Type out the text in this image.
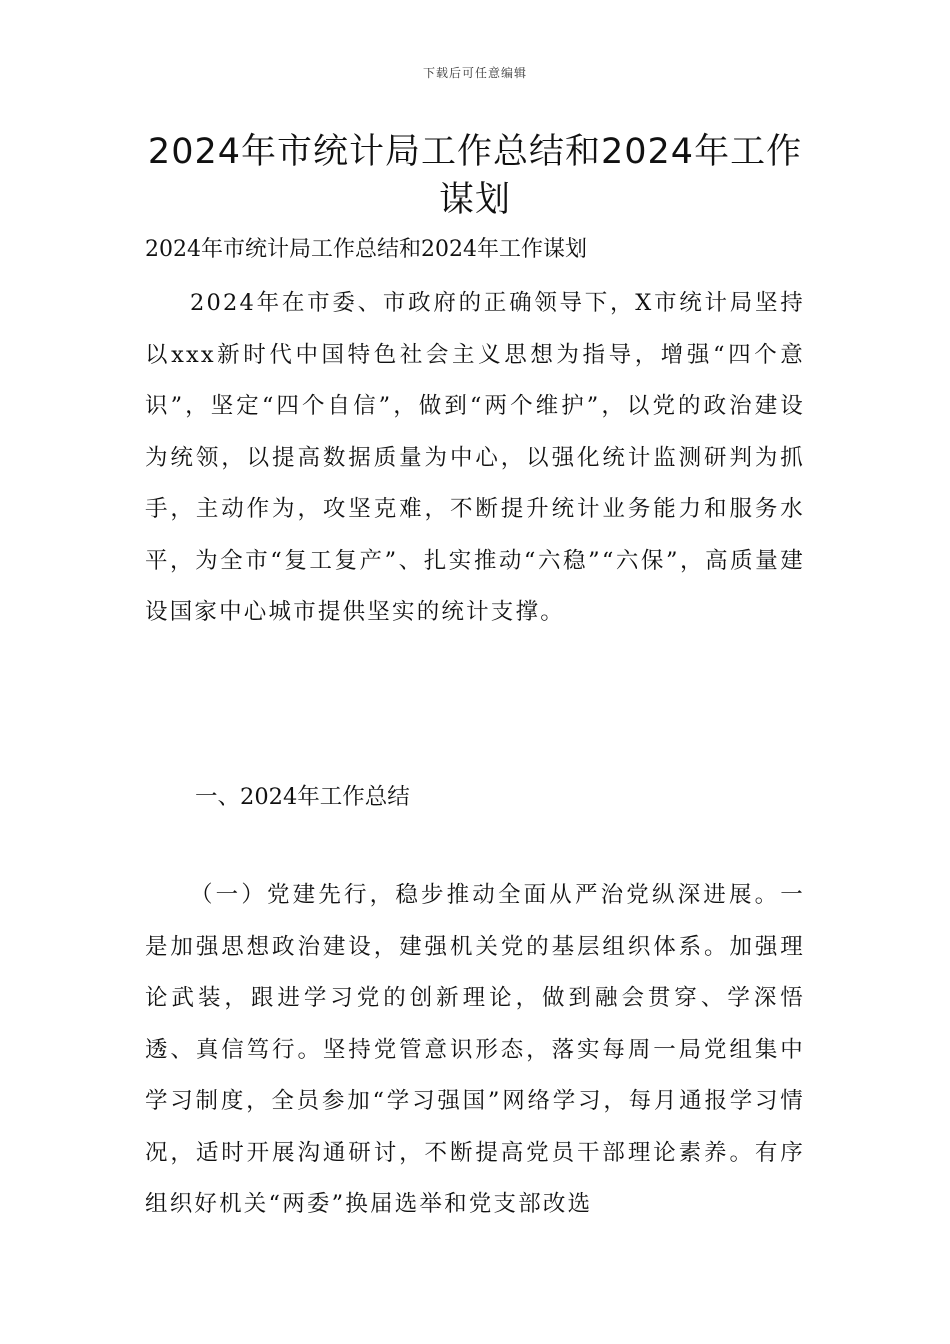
下载后可任意编辑
2024年市统计局工作总结和2024年工作谋划

2024年市统计局工作总结和2024年工作谋划

2024年在市委、市政府的正确领导下，X市统计局坚持以xxx新时代中国特色社会主义思想为指导，增强“四个意识”，坚定“四个自信”，做到“两个维护”，以党的政治建设为统领，以提高数据质量为中心，以强化统计监测研判为抓手，主动作为，攻坚克难，不断提升统计业务能力和服务水平，为全市“复工复产”、扎实推动“六稳”“六保”，高质量建设国家中心城市提供坚实的统计支撑。

一、2024年工作总结

（一）党建先行，稳步推动全面从严治党纵深进展。一是加强思想政治建设，建强机关党的基层组织体系。加强理论武装，跟进学习党的创新理论，做到融会贯穿、学深悟透、真信笃行。坚持党管意识形态，落实每周一局党组集中学习制度，全员参加“学习强国”网络学习，每月通报学习情况，适时开展沟通研讨，不断提高党员干部理论素养。有序组织好机关“两委”换届选举和党支部改选
